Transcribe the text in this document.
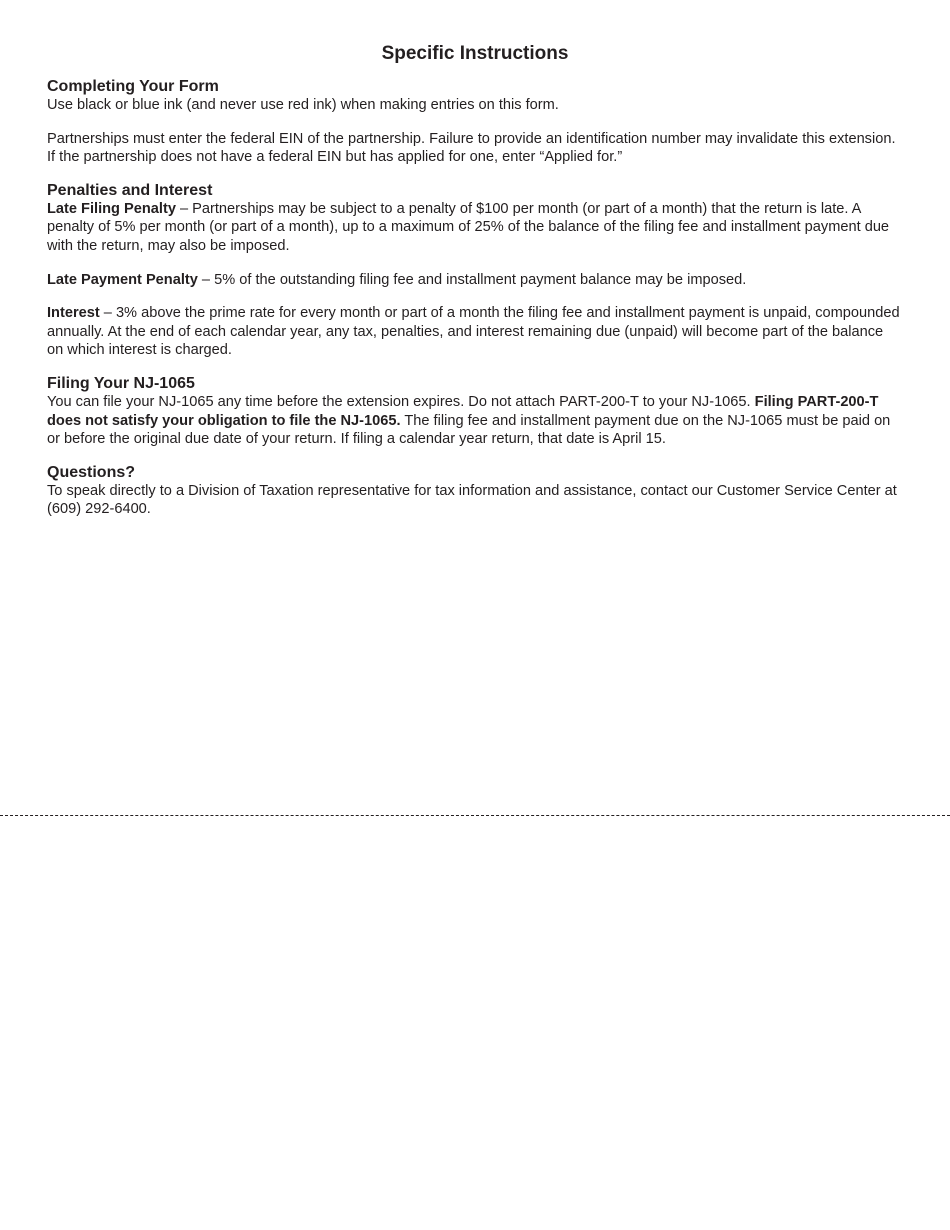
Specific Instructions
Completing Your Form

Use black or blue ink (and never use red ink) when making entries on this form.

Partnerships must enter the federal EIN of the partnership. Failure to provide an identification number may invalidate this extension. If the partnership does not have a federal EIN but has applied for one, enter “Applied for.”

Penalties and Interest

Late Filing Penalty – Partnerships may be subject to a penalty of $100 per month (or part of a month) that the return is late. A penalty of 5% per month (or part of a month), up to a maximum of 25% of the balance of the filing fee and installment payment due with the return, may also be imposed.

Late Payment Penalty – 5% of the outstanding filing fee and installment payment balance may be imposed.

Interest – 3% above the prime rate for every month or part of a month the filing fee and installment payment is unpaid, compounded annually. At the end of each calendar year, any tax, penalties, and interest remaining due (unpaid) will become part of the balance on which interest is charged.

Filing Your NJ-1065

You can file your NJ-1065 any time before the extension expires. Do not attach PART-200-T to your NJ-1065. Filing PART-200-T does not satisfy your obligation to file the NJ-1065. The filing fee and installment payment due on the NJ-1065 must be paid on or before the original due date of your return. If filing a calendar year return, that date is April 15.

Questions?

To speak directly to a Division of Taxation representative for tax information and assistance, contact our Customer Service Center at (609) 292-6400.
